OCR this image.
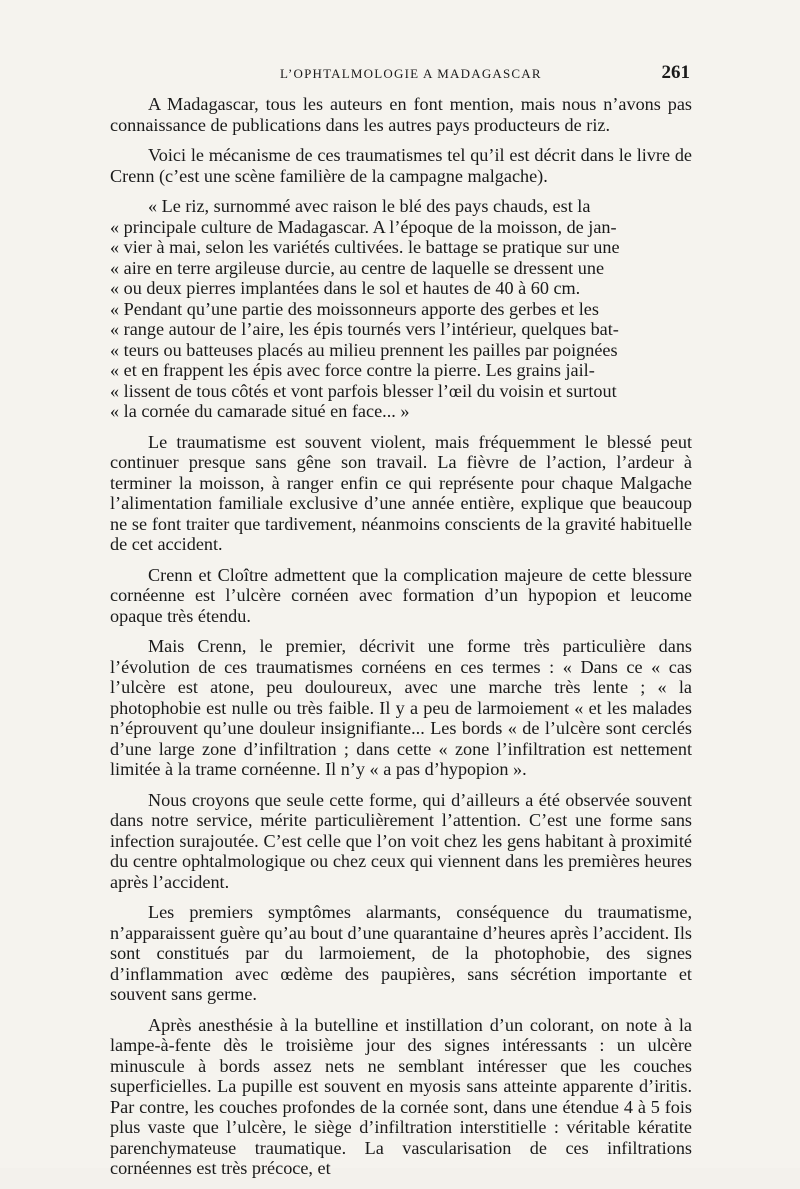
L’OPHTALMOLOGIE A MADAGASCAR	261

A Madagascar, tous les auteurs en font mention, mais nous n’avons pas connaissance de publications dans les autres pays producteurs de riz.

Voici le mécanisme de ces traumatismes tel qu’il est décrit dans le livre de Crenn (c’est une scène familière de la campagne malgache).

« Le riz, surnommé avec raison le blé des pays chauds, est la
« principale culture de Madagascar. A l’époque de la moisson, de jan-
« vier à mai, selon les variétés cultivées. le battage se pratique sur une
« aire en terre argileuse durcie, au centre de laquelle se dressent une
« ou deux pierres implantées dans le sol et hautes de 40 à 60 cm.
« Pendant qu’une partie des moissonneurs apporte des gerbes et les
« range autour de l’aire, les épis tournés vers l’intérieur, quelques bat-
« teurs ou batteuses placés au milieu prennent les pailles par poignées
« et en frappent les épis avec force contre la pierre. Les grains jail-
« lissent de tous côtés et vont parfois blesser l’œil du voisin et surtout
« la cornée du camarade situé en face... »

Le traumatisme est souvent violent, mais fréquemment le blessé peut continuer presque sans gêne son travail. La fièvre de l’action, l’ardeur à terminer la moisson, à ranger enfin ce qui représente pour chaque Malgache l’alimentation familiale exclusive d’une année entière, explique que beaucoup ne se font traiter que tardivement, néanmoins conscients de la gravité habituelle de cet accident.

Crenn et Cloître admettent que la complication majeure de cette blessure cornéenne est l’ulcère cornéen avec formation d’un hypopion et leucome opaque très étendu.

Mais Crenn, le premier, décrivit une forme très particulière dans l’évolution de ces traumatismes cornéens en ces termes : « Dans ce « cas l’ulcère est atone, peu douloureux, avec une marche très lente ; « la photophobie est nulle ou très faible. Il y a peu de larmoiement « et les malades n’éprouvent qu’une douleur insignifiante... Les bords « de l’ulcère sont cerclés d’une large zone d’infiltration ; dans cette « zone l’infiltration est nettement limitée à la trame cornéenne. Il n’y « a pas d’hypopion ».

Nous croyons que seule cette forme, qui d’ailleurs a été observée souvent dans notre service, mérite particulièrement l’attention. C’est une forme sans infection surajoutée. C’est celle que l’on voit chez les gens habitant à proximité du centre ophtalmologique ou chez ceux qui viennent dans les premières heures après l’accident.

Les premiers symptômes alarmants, conséquence du traumatisme, n’apparaissent guère qu’au bout d’une quarantaine d’heures après l’accident. Ils sont constitués par du larmoiement, de la photophobie, des signes d’inflammation avec œdème des paupières, sans sécrétion importante et souvent sans germe.

Après anesthésie à la butelline et instillation d’un colorant, on note à la lampe-à-fente dès le troisième jour des signes intéressants : un ulcère minuscule à bords assez nets ne semblant intéresser que les couches superficielles. La pupille est souvent en myosis sans atteinte apparente d’iritis. Par contre, les couches profondes de la cornée sont, dans une étendue 4 à 5 fois plus vaste que l’ulcère, le siège d’infiltration interstitielle : véritable kératite parenchymateuse traumatique. La vascularisation de ces infiltrations cornéennes est très précoce, et
